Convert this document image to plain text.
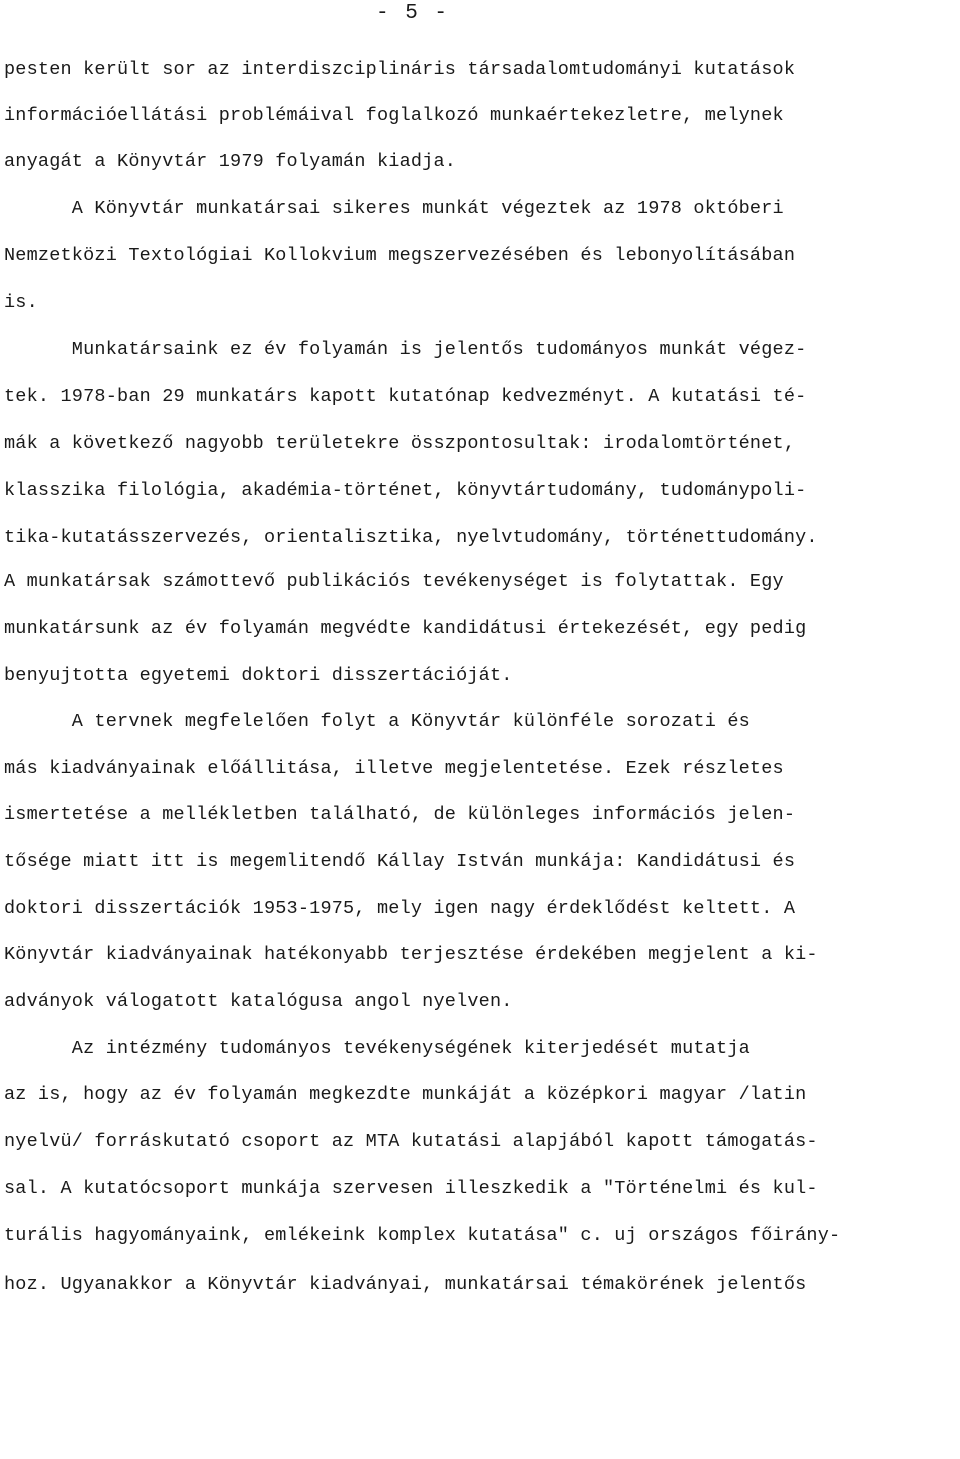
- 5 -
pesten került sor az interdiszciplináris társadalomtudományi kutatások
információellátási problémáival foglalkozó munkaértekezletre, melynek
anyagát a Könyvtár 1979 folyamán kiadja.
A Könyvtár munkatársai sikeres munkát végeztek az 1978 októberi
Nemzetközi Textológiai Kollokvium megszervezésében és lebonyolításában
is.
Munkatársaink ez év folyamán is jelentős tudományos munkát végez-
tek. 1978-ban 29 munkatárs kapott kutatónap kedvezményt. A kutatási té-
mák a következő nagyobb területekre összpontosultak: irodalomtörténet,
klasszika filológia, akadémia-történet, könyvtártudomány, tudománypoli-
tika-kutatásszervezés, orientalisztika, nyelvtudomány, történettudomány.
A munkatársak számottevő publikációs tevékenységet is folytattak. Egy
munkatársunk az év folyamán megvédte kandidátusi értekezését, egy pedig
benyujtotta egyetemi doktori disszertációját.
A tervnek megfelelően folyt a Könyvtár különféle sorozati és
más kiadványainak előállitása, illetve megjelentetése. Ezek részletes
ismertetése a mellékletben található, de különleges információs jelen-
tősége miatt itt is megemlitendő Kállay István munkája: Kandidátusi és
doktori disszertációk 1953-1975, mely igen nagy érdeklődést keltett. A
Könyvtár kiadványainak hatékonyabb terjesztése érdekében megjelent a ki-
adványok válogatott katalógusa angol nyelven.
Az intézmény tudományos tevékenységének kiterjedését mutatja
az is, hogy az év folyamán megkezdte munkáját a középkori magyar /latin
nyelvü/ forráskutató csoport az MTA kutatási alapjából kapott támogatás-
sal. A kutatócsoport munkája szervesen illeszkedik a "Történelmi és kul-
turális hagyományaink, emlékeink komplex kutatása" c. uj országos főirány-
hoz. Ugyanakkor a Könyvtár kiadványai, munkatársai témakörének jelentős
